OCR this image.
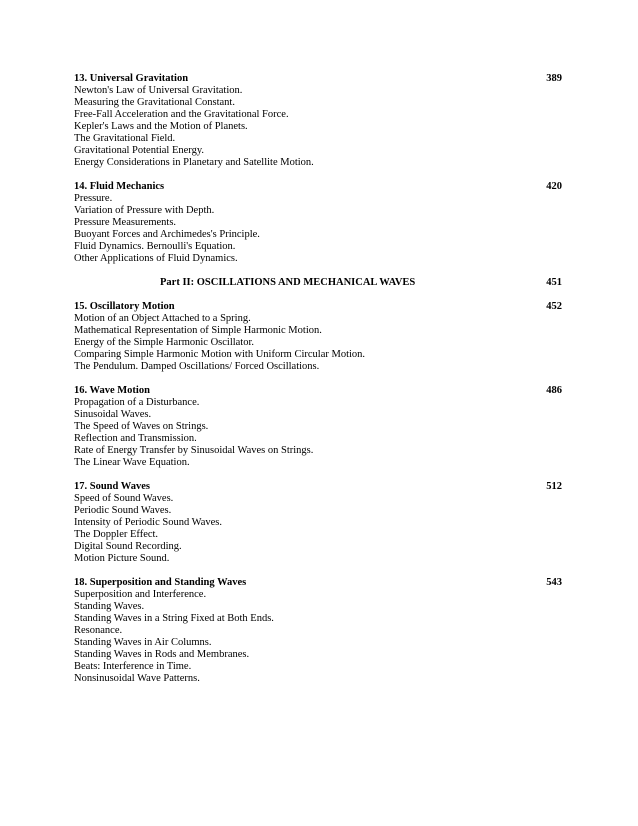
13. Universal Gravitation	389
Newton's Law of Universal Gravitation.
Measuring the Gravitational Constant.
Free-Fall Acceleration and the Gravitational Force.
Kepler's Laws and the Motion of Planets.
The Gravitational Field.
Gravitational Potential Energy.
Energy Considerations in Planetary and Satellite Motion.
14. Fluid Mechanics	420
Pressure.
Variation of Pressure with Depth.
Pressure Measurements.
Buoyant Forces and Archimedes's Principle.
Fluid Dynamics. Bernoulli's Equation.
Other Applications of Fluid Dynamics.
Part II: OSCILLATIONS AND MECHANICAL WAVES	451
15. Oscillatory Motion	452
Motion of an Object Attached to a Spring.
Mathematical Representation of Simple Harmonic Motion.
Energy of the Simple Harmonic Oscillator.
Comparing Simple Harmonic Motion with Uniform Circular Motion.
The Pendulum. Damped Oscillations/ Forced Oscillations.
16. Wave Motion	486
Propagation of a Disturbance.
Sinusoidal Waves.
The Speed of Waves on Strings.
Reflection and Transmission.
Rate of Energy Transfer by Sinusoidal Waves on Strings.
The Linear Wave Equation.
17. Sound Waves	512
Speed of Sound Waves.
Periodic Sound Waves.
Intensity of Periodic Sound Waves.
The Doppler Effect.
Digital Sound Recording.
Motion Picture Sound.
18. Superposition and Standing Waves	543
Superposition and Interference.
Standing Waves.
Standing Waves in a String Fixed at Both Ends.
Resonance.
Standing Waves in Air Columns.
Standing Waves in Rods and Membranes.
Beats: Interference in Time.
Nonsinusoidal Wave Patterns.
